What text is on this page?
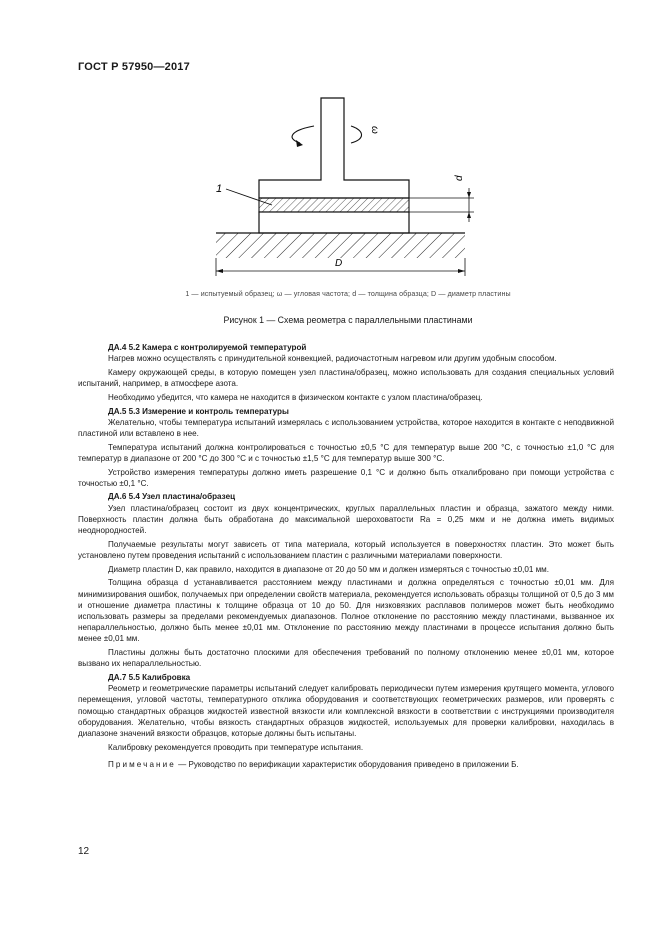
ГОСТ Р 57950—2017
ω
1
d
D
1 — испытуемый образец; ω — угловая частота; d — толщина образца; D — диаметр пластины
Рисунок 1 — Схема реометра с параллельными пластинами

ДА.4 5.2 Камера с контролируемой температурой

Нагрев можно осуществлять с принудительной конвекцией, радиочастотным нагревом или другим удобным способом.

Камеру окружающей среды, в которую помещен узел пластина/образец, можно использовать для создания специальных условий испытаний, например, в атмосфере азота.

Необходимо убедится, что камера не находится в физическом контакте с узлом пластина/образец.

ДА.5 5.3 Измерение и контроль температуры

Желательно, чтобы температура испытаний измерялась с использованием устройства, которое находится в контакте с неподвижной пластиной или вставлено в нее.

Температура испытаний должна контролироваться с точностью ±0,5 °С для температур выше 200 °С, с точностью ±1,0 °С для температур в диапазоне от 200 °С до 300 °С и с точностью ±1,5 °С для температур выше 300 °С.

Устройство измерения температуры должно иметь разрешение 0,1 °С и должно быть откалибровано при помощи устройства с точностью ±0,1 °С.

ДА.6 5.4 Узел пластина/образец

Узел пластина/образец состоит из двух концентрических, круглых параллельных пластин и образца, зажатого между ними. Поверхность пластин должна быть обработана до максимальной шероховатости Ra = 0,25 мкм и не должна иметь видимых неоднородностей.

Получаемые результаты могут зависеть от типа материала, который используется в поверхностях пластин. Это может быть установлено путем проведения испытаний с использованием пластин с различными материалами поверхности.

Диаметр пластин D, как правило, находится в диапазоне от 20 до 50 мм и должен измеряться с точностью ±0,01 мм.

Толщина образца d устанавливается расстоянием между пластинами и должна определяться с точностью ±0,01 мм. Для минимизирования ошибок, получаемых при определении свойств материала, рекомендуется использовать образцы толщиной от 0,5 до 3 мм и отношение диаметра пластины к толщине образца от 10 до 50. Для низковязких расплавов полимеров может быть необходимо использовать размеры за пределами рекомендуемых диапазонов. Полное отклонение по расстоянию между пластинами, вызванное их непараллельностью, должно быть менее ±0,01 мм. Отклонение по расстоянию между пластинами в процессе испытания должно быть менее ±0,01 мм.

Пластины должны быть достаточно плоскими для обеспечения требований по полному отклонению менее ±0,01 мм, которое вызвано их непараллельностью.

ДА.7 5.5 Калибровка

Реометр и геометрические параметры испытаний следует калибровать периодически путем измерения крутящего момента, углового перемещения, угловой частоты, температурного отклика оборудования и соответствующих геометрических размеров, или проверять с помощью стандартных образцов жидкостей известной вязкости или комплексной вязкости в соответствии с инструкциями производителя оборудования. Желательно, чтобы вязкость стандартных образцов жидкостей, используемых для проверки калибровки, находилась в диапазоне значений вязкости образцов, которые должны быть испытаны.

Калибровку рекомендуется проводить при температуре испытания.

Примечание — Руководство по верификации характеристик оборудования приведено в приложении Б.

12
